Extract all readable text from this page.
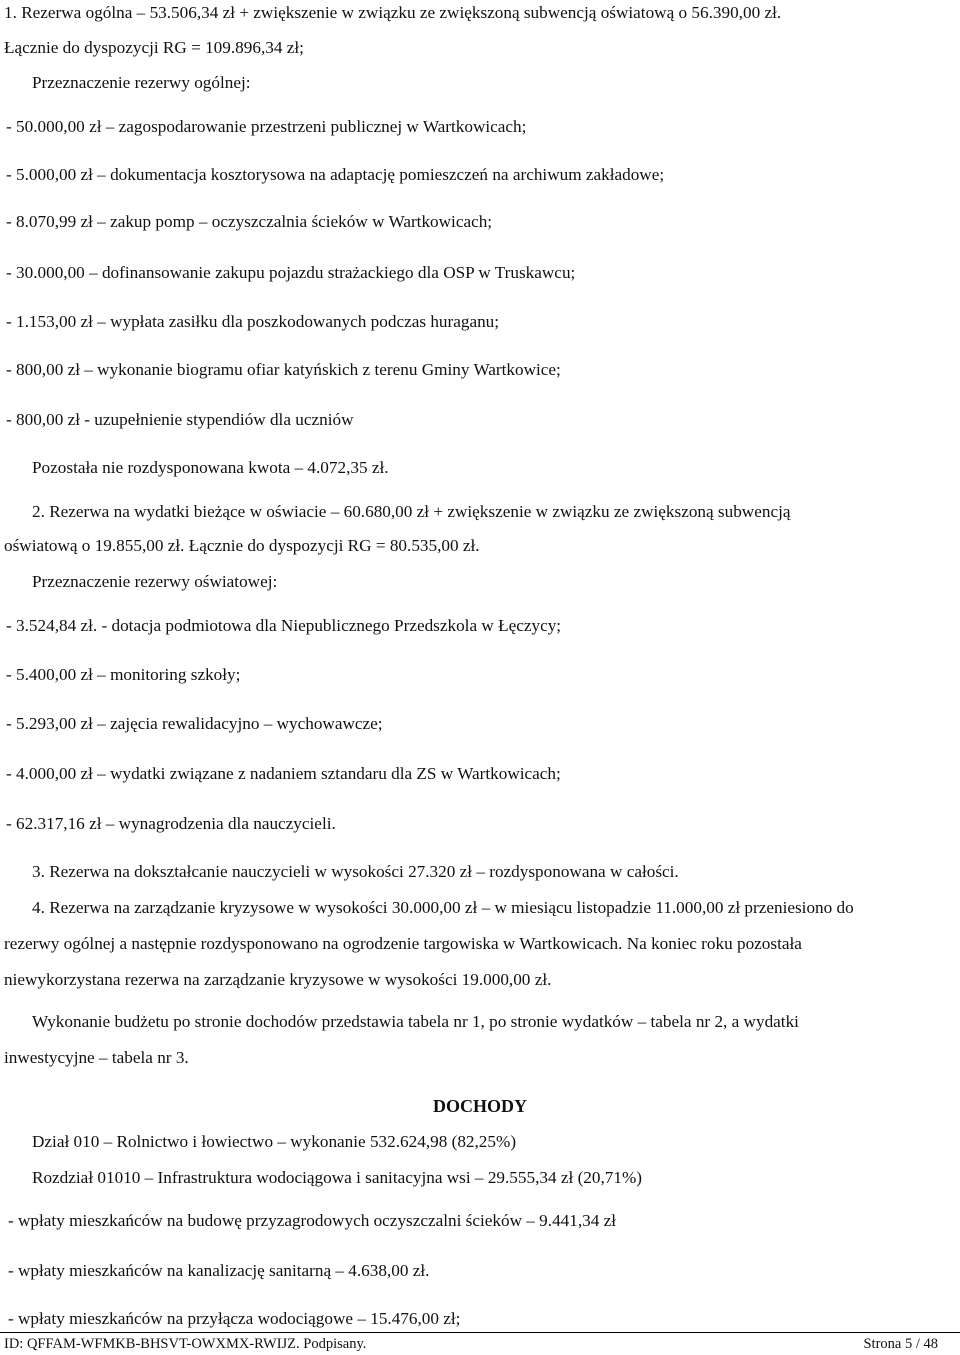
1. Rezerwa ogólna – 53.506,34 zł + zwiększenie w związku ze zwiększoną subwencją oświatową o 56.390,00 zł.
Łącznie do dyspozycji RG = 109.896,34 zł;
Przeznaczenie rezerwy ogólnej:
- 50.000,00 zł – zagospodarowanie przestrzeni publicznej w Wartkowicach;
- 5.000,00 zł – dokumentacja kosztorysowa na adaptację pomieszczeń na archiwum zakładowe;
- 8.070,99 zł – zakup pomp – oczyszczalnia ścieków w Wartkowicach;
- 30.000,00 – dofinansowanie zakupu pojazdu strażackiego dla OSP w Truskawcu;
- 1.153,00 zł – wypłata zasiłku dla poszkodowanych podczas huraganu;
- 800,00 zł – wykonanie biogramu ofiar katyńskich z terenu Gminy Wartkowice;
- 800,00 zł - uzupełnienie stypendiów dla uczniów
Pozostała nie rozdysponowana kwota – 4.072,35 zł.
2. Rezerwa na wydatki bieżące w oświacie – 60.680,00 zł + zwiększenie w związku ze zwiększoną subwencją
oświatową o 19.855,00 zł. Łącznie do dyspozycji RG = 80.535,00 zł.
Przeznaczenie rezerwy oświatowej:
- 3.524,84 zł. - dotacja podmiotowa dla Niepublicznego Przedszkola w Łęczycy;
- 5.400,00 zł – monitoring szkoły;
- 5.293,00 zł – zajęcia rewalidacyjno – wychowawcze;
- 4.000,00 zł – wydatki związane z nadaniem sztandaru dla ZS w Wartkowicach;
- 62.317,16 zł – wynagrodzenia dla nauczycieli.
3. Rezerwa na dokształcanie nauczycieli w wysokości 27.320 zł – rozdysponowana w całości.
4. Rezerwa na zarządzanie kryzysowe w wysokości 30.000,00 zł – w miesiącu listopadzie 11.000,00 zł przeniesiono do
rezerwy ogólnej a następnie rozdysponowano na ogrodzenie targowiska w Wartkowicach. Na koniec roku pozostała
niewykorzystana rezerwa na zarządzanie kryzysowe w wysokości 19.000,00 zł.
Wykonanie budżetu po stronie dochodów przedstawia tabela nr 1, po stronie wydatków – tabela nr 2, a wydatki
inwestycyjne – tabela nr 3.
DOCHODY
Dział 010 – Rolnictwo i łowiectwo – wykonanie 532.624,98 (82,25%)
Rozdział 01010 – Infrastruktura wodociągowa i sanitacyjna wsi – 29.555,34 zł (20,71%)
- wpłaty mieszkańców na budowę przyzagrodowych oczyszczalni ścieków – 9.441,34 zł
- wpłaty mieszkańców na kanalizację sanitarną – 4.638,00 zł.
- wpłaty mieszkańców na przyłącza wodociągowe – 15.476,00 zł;
ID: QFFAM-WFMKB-BHSVT-OWXMX-RWIJZ. Podpisany.	Strona 5 / 48
